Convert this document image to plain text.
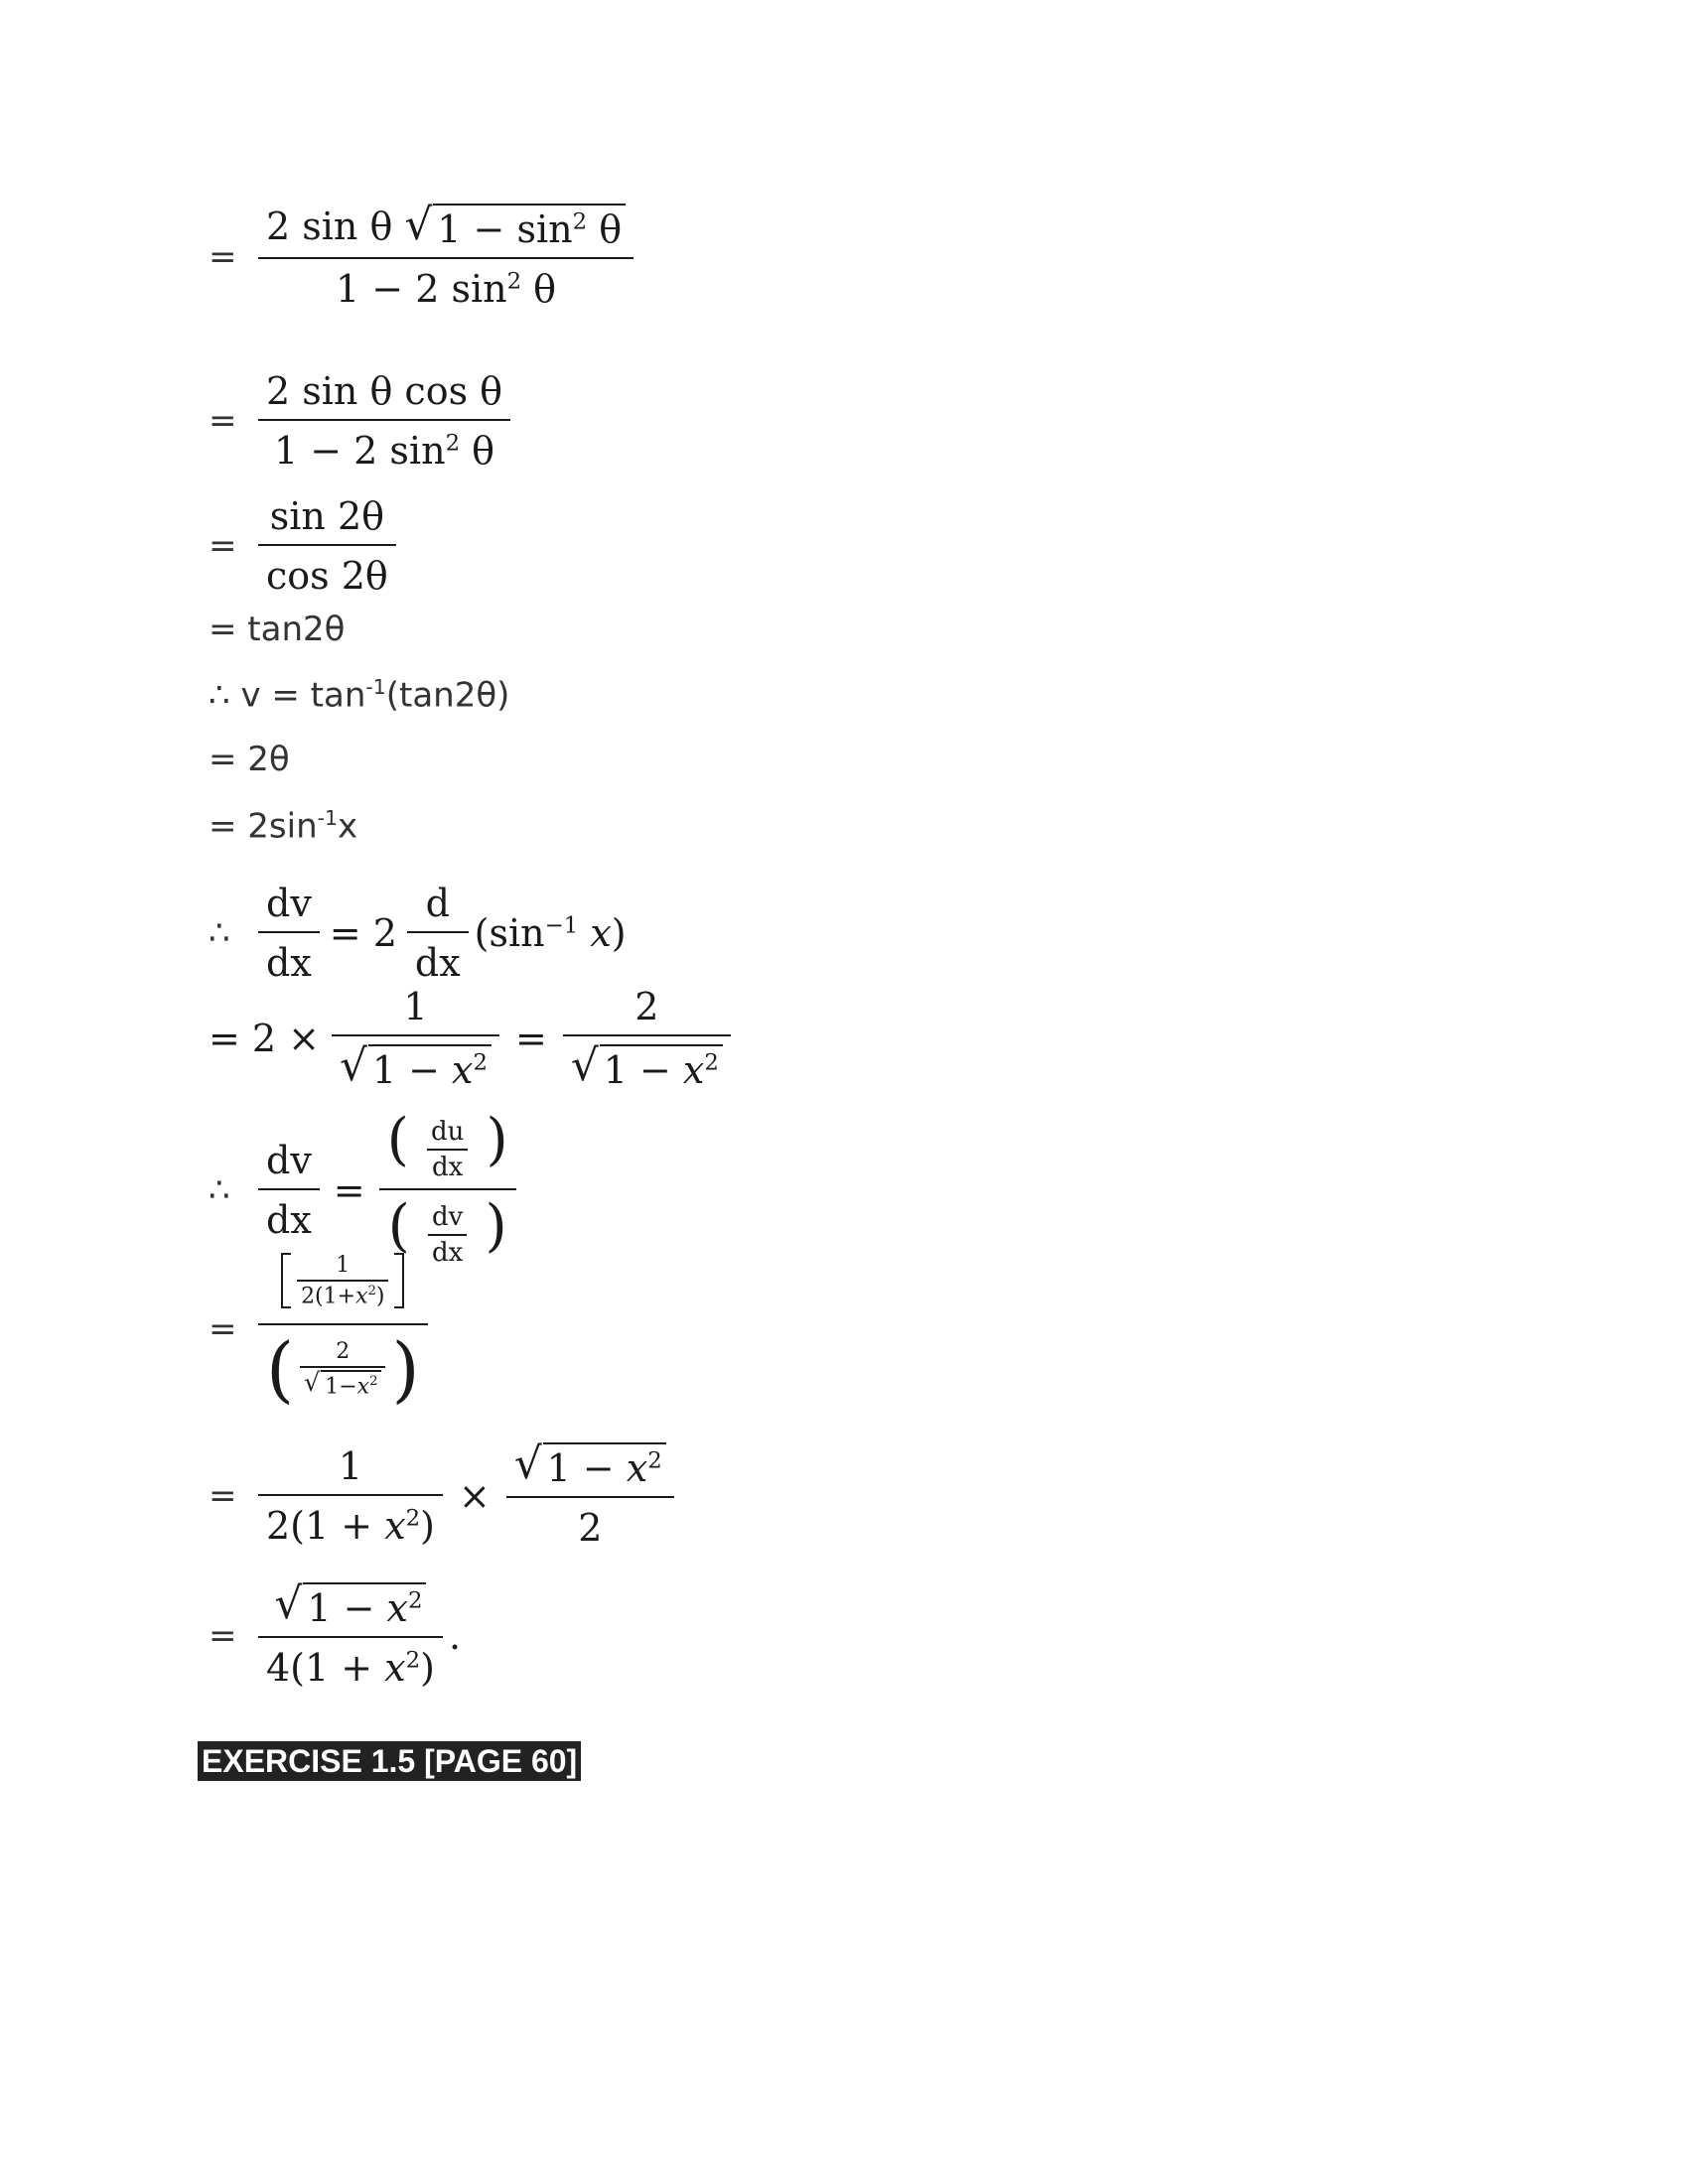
= $\frac{2 \sin \theta √ 1 - \sin^2 \theta}{1 - 2 \sin^2 \theta}$
= $\frac{\text{2 sin θ cos θ}}{1 - 2 \sin^2 \theta}$
= $\frac{\sin 2\theta}{\cos 2\theta}$
= tan2θ
∴ $v = \tan^{-1}(\tan 2\theta)$
= 2θ
= $2\sin^{-1}x$
∴ $\frac{dv}{dx} = 2 \frac{d}{dx} (\sin^{-1}$ x)
= $2 \times \frac{1}{√ 1 - x^2} = \frac{2}{√ 1 - x^2}$
∴ $\frac{dv}{dx}$ =
( $\frac{du}{dx}$ )
( $\frac{dv}{dx}$ )
=
$\frac{1}{2(1+x^2)}$
( $\frac{2}{√ 1-x^2}$ )
= $\frac{1}{2(1 + x^2)} \times \frac{√ 1 - x^2}{2}$
= $\frac{√ 1 - x^2}{4(1 + x^2)}$ .
EXERCISE 1.5 [PAGE 60]
